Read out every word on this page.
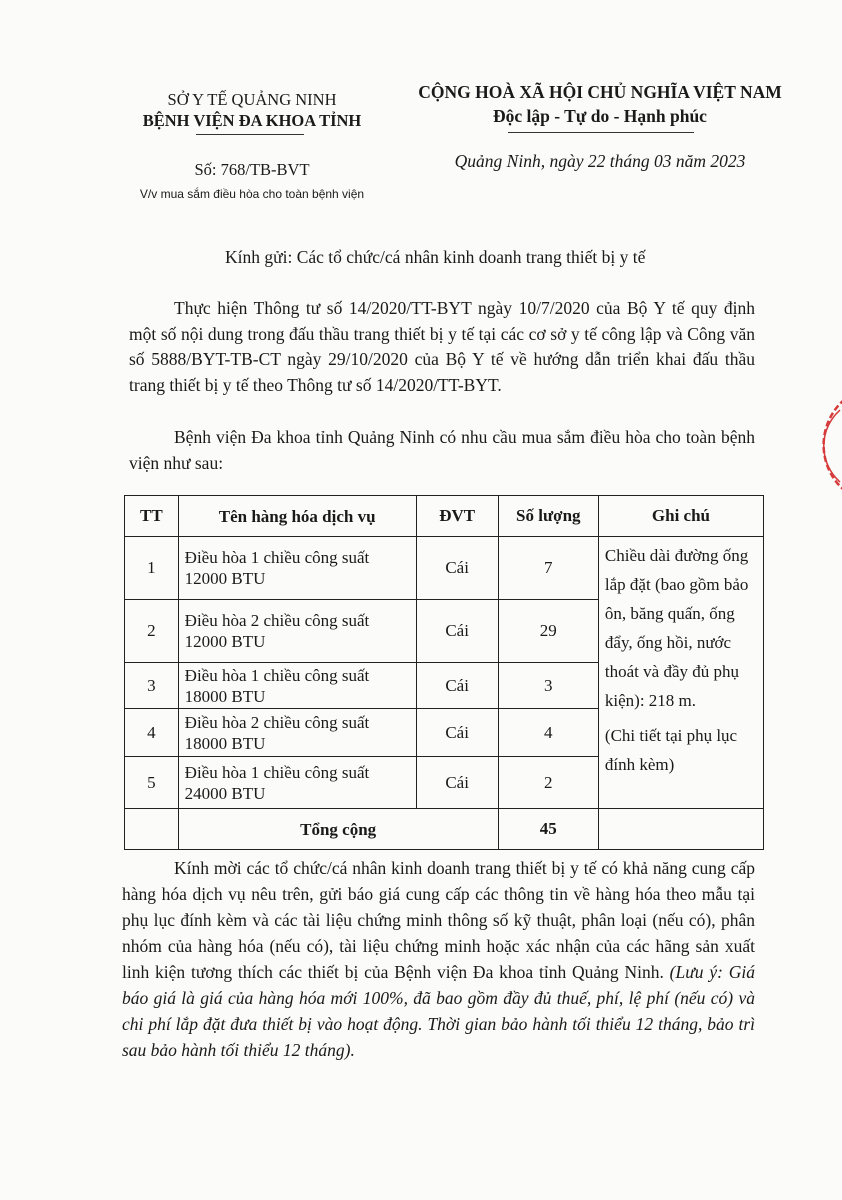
SỞ Y TẾ QUẢNG NINH
BỆNH VIỆN ĐA KHOA TỈNH
CỘNG HOÀ XÃ HỘI CHỦ NGHĨA VIỆT NAM
Độc lập - Tự do - Hạnh phúc
Số: 768/TB-BVT
V/v mua sắm điều hòa cho toàn bệnh viện
Quảng Ninh, ngày 22 tháng 03 năm 2023
Kính gửi: Các tổ chức/cá nhân kinh doanh trang thiết bị y tế
Thực hiện Thông tư số 14/2020/TT-BYT ngày 10/7/2020 của Bộ Y tế quy định một số nội dung trong đấu thầu trang thiết bị y tế tại các cơ sở y tế công lập và Công văn số 5888/BYT-TB-CT ngày 29/10/2020 của Bộ Y tế về hướng dẫn triển khai đấu thầu trang thiết bị y tế theo Thông tư số 14/2020/TT-BYT.
Bệnh viện Đa khoa tỉnh Quảng Ninh có nhu cầu mua sắm điều hòa cho toàn bệnh viện như sau:
TT	Tên hàng hóa dịch vụ	ĐVT	Số lượng	Ghi chú
1	Điều hòa 1 chiều công suất 12000 BTU	Cái	7	Chiều dài đường ống lắp đặt (bao gồm bảo ôn, băng quấn, ống đẩy, ống hồi, nước thoát và đầy đủ phụ kiện): 218 m.
(Chi tiết tại phụ lục đính kèm)

2	Điều hòa 2 chiều công suất 12000 BTU	Cái	29	
3	Điều hòa 1 chiều công suất 18000 BTU	Cái	3	
4	Điều hòa 2 chiều công suất 18000 BTU	Cái	4	
5	Điều hòa 1 chiều công suất 24000 BTU	Cái	2	
	Tổng cộng		45	
Kính mời các tổ chức/cá nhân kinh doanh trang thiết bị y tế có khả năng cung cấp hàng hóa dịch vụ nêu trên, gửi báo giá cung cấp các thông tin về hàng hóa theo mẫu tại phụ lục đính kèm và các tài liệu chứng minh thông số kỹ thuật, phân loại (nếu có), phân nhóm của hàng hóa (nếu có), tài liệu chứng minh hoặc xác nhận của các hãng sản xuất linh kiện tương thích các thiết bị của Bệnh viện Đa khoa tỉnh Quảng Ninh. (Lưu ý: Giá báo giá là giá của hàng hóa mới 100%, đã bao gồm đầy đủ thuế, phí, lệ phí (nếu có) và chi phí lắp đặt đưa thiết bị vào hoạt động. Thời gian bảo hành tối thiểu 12 tháng, bảo trì sau bảo hành tối thiểu 12 tháng).
